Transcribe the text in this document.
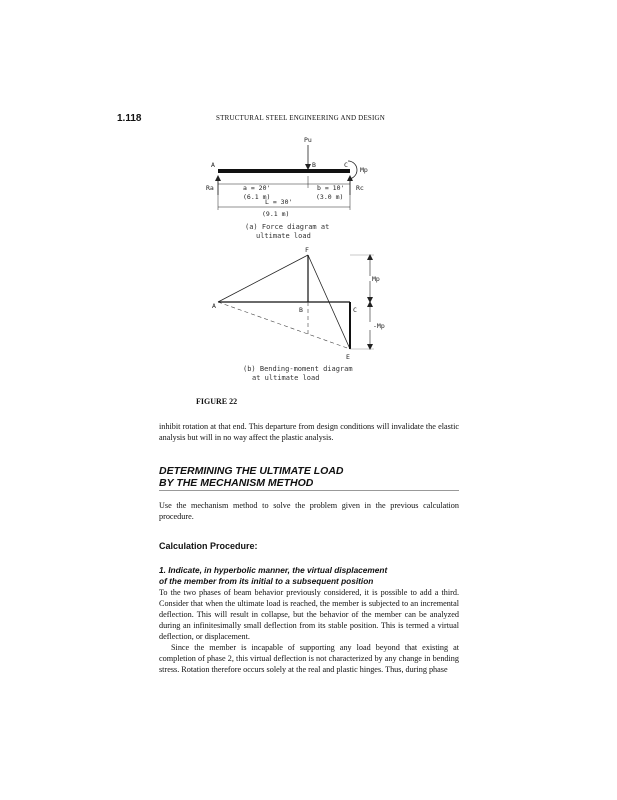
1.118	STRUCTURAL STEEL ENGINEERING AND DESIGN
Pu
A	B	C
Mp
Ra	Rc
a = 20'
(6.1 m)
b = 10'
(3.0 m)
L = 30'
(9.1 m)
(a) Force diagram at
ultimate load
Mp
-Mp
F
A	B	C
E
(b) Bending-moment diagram
at ultimate load
FIGURE 22
inhibit rotation at that end. This departure from design conditions will invalidate the elastic analysis but will in no way affect the plastic analysis.
DETERMINING THE ULTIMATE LOAD
BY THE MECHANISM METHOD
Use the mechanism method to solve the problem given in the previous calculation procedure.
Calculation Procedure:
1. Indicate, in hyperbolic manner, the virtual displacement
of the member from its initial to a subsequent position
To the two phases of beam behavior previously considered, it is possible to add a third. Consider that when the ultimate load is reached, the member is subjected to an incremental deflection. This will result in collapse, but the behavior of the member can be analyzed during an infinitesimally small deflection from its stable position. This is termed a virtual deflection, or displacement.
Since the member is incapable of supporting any load beyond that existing at completion of phase 2, this virtual deflection is not characterized by any change in bending stress. Rotation therefore occurs solely at the real and plastic hinges. Thus, during phase
